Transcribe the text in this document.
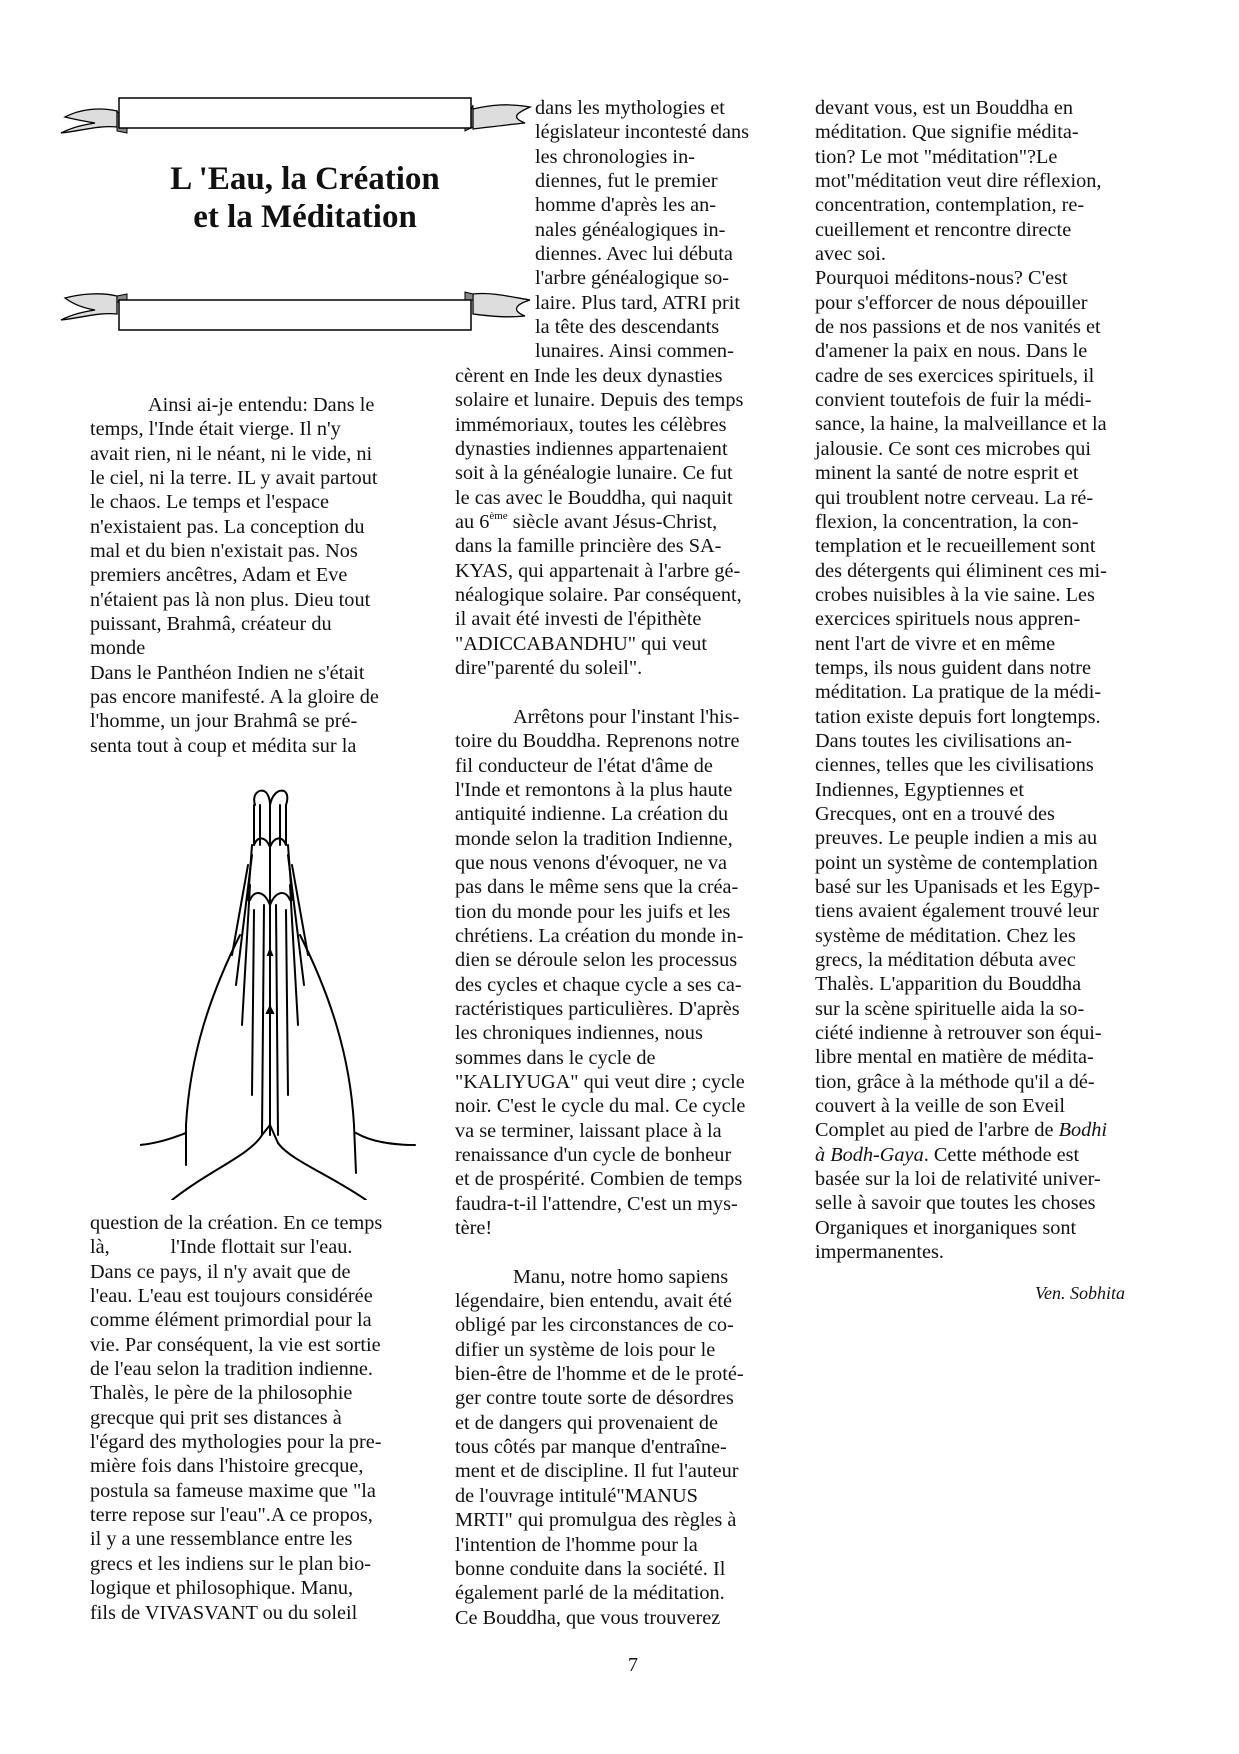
L 'Eau, la Création
et la Méditation

Ainsi ai-je entendu: Dans le
temps, l'Inde était vierge. Il n'y
avait rien, ni le néant, ni le vide, ni
le ciel, ni la terre. IL y avait partout
le chaos. Le temps et l'espace
n'existaient pas. La conception du
mal et du bien n'existait pas. Nos
premiers ancêtres, Adam et Eve
n'étaient pas là non plus. Dieu tout
puissant, Brahmâ, créateur du
monde
Dans le Panthéon Indien ne s'était
pas encore manifesté. A la gloire de
l'homme, un jour Brahmâ se pré-
senta tout à coup et médita sur la

question de la création. En ce temps
là,            l'Inde flottait sur l'eau.
Dans ce pays, il n'y avait que de
l'eau. L'eau est toujours considérée
comme élément primordial pour la
vie. Par conséquent, la vie est sortie
de l'eau selon la tradition indienne.
Thalès, le père de la philosophie
grecque qui prit ses distances à
l'égard des mythologies pour la pre-
mière fois dans l'histoire grecque,
postula sa fameuse maxime que "la
terre repose sur l'eau".A ce propos,
il y a une ressemblance entre les
grecs et les indiens sur le plan bio-
logique et philosophique. Manu,
fils de VIVASVANT ou du soleil

dans les mythologies et
législateur incontesté dans
les chronologies in-
diennes, fut le premier
homme d'après les an-
nales généalogiques in-
diennes. Avec lui débuta
l'arbre généalogique so-
laire. Plus tard, ATRI prit
la tête des descendants
lunaires. Ainsi commen-

cèrent en Inde les deux dynasties
solaire et lunaire. Depuis des temps
immémoriaux, toutes les célèbres
dynasties indiennes appartenaient
soit à la généalogie lunaire. Ce fut
le cas avec le Bouddha, qui naquit
au 6ème siècle avant Jésus-Christ,
dans la famille princière des SA-
KYAS, qui appartenait à l'arbre gé-
néalogique solaire. Par conséquent,
il avait été investi de l'épithète
"ADICCABANDHU" qui veut
dire"parenté du soleil".

Arrêtons pour l'instant l'his-
toire du Bouddha. Reprenons notre
fil conducteur de l'état d'âme de
l'Inde et remontons à la plus haute
antiquité indienne. La création du
monde selon la tradition Indienne,
que nous venons d'évoquer, ne va
pas dans le même sens que la créa-
tion du monde pour les juifs et les
chrétiens. La création du monde in-
dien se déroule selon les processus
des cycles et chaque cycle a ses ca-
ractéristiques particulières. D'après
les chroniques indiennes, nous
sommes dans le cycle de
"KALIYUGA" qui veut dire ; cycle
noir. C'est le cycle du mal. Ce cycle
va se terminer, laissant place à la
renaissance d'un cycle de bonheur
et de prospérité. Combien de temps
faudra-t-il l'attendre, C'est un mys-
tère!

Manu, notre homo sapiens
légendaire, bien entendu, avait été
obligé par les circonstances de co-
difier un système de lois pour le
bien-être de l'homme et de le proté-
ger contre toute sorte de désordres
et de dangers qui provenaient de
tous côtés par manque d'entraîne-
ment et de discipline. Il fut l'auteur
de l'ouvrage intitulé"MANUS
MRTI" qui promulgua des règles à
l'intention de l'homme pour la
bonne conduite dans la société. Il
également parlé de la méditation.
Ce Bouddha, que vous trouverez

devant vous, est un Bouddha en
méditation. Que signifie médita-
tion? Le mot "méditation"?Le
mot"méditation veut dire réflexion,
concentration, contemplation, re-
cueillement et rencontre directe
avec soi.
Pourquoi méditons-nous? C'est
pour s'efforcer de nous dépouiller
de nos passions et de nos vanités et
d'amener la paix en nous. Dans le
cadre de ses exercices spirituels, il
convient toutefois de fuir la médi-
sance, la haine, la malveillance et la
jalousie. Ce sont ces microbes qui
minent la santé de notre esprit et
qui troublent notre cerveau. La ré-
flexion, la concentration, la con-
templation et le recueillement sont
des détergents qui éliminent ces mi-
crobes nuisibles à la vie saine. Les
exercices spirituels nous appren-
nent l'art de vivre et en même
temps, ils nous guident dans notre
méditation. La pratique de la médi-
tation existe depuis fort longtemps.
Dans toutes les civilisations an-
ciennes, telles que les civilisations
Indiennes, Egyptiennes et
Grecques, ont en a trouvé des
preuves. Le peuple indien a mis au
point un système de contemplation
basé sur les Upanisads et les Egyp-
tiens avaient également trouvé leur
système de méditation. Chez les
grecs, la méditation débuta avec
Thalès. L'apparition du Bouddha
sur la scène spirituelle aida la so-
ciété indienne à retrouver son équi-
libre mental en matière de médita-
tion, grâce à la méthode qu'il a dé-
couvert à la veille de son Eveil
Complet au pied de l'arbre de Bodhi
à Bodh-Gaya. Cette méthode est
basée sur la loi de relativité univer-
selle à savoir que toutes les choses
Organiques et inorganiques sont
impermanentes.

Ven. Sobhita
7
